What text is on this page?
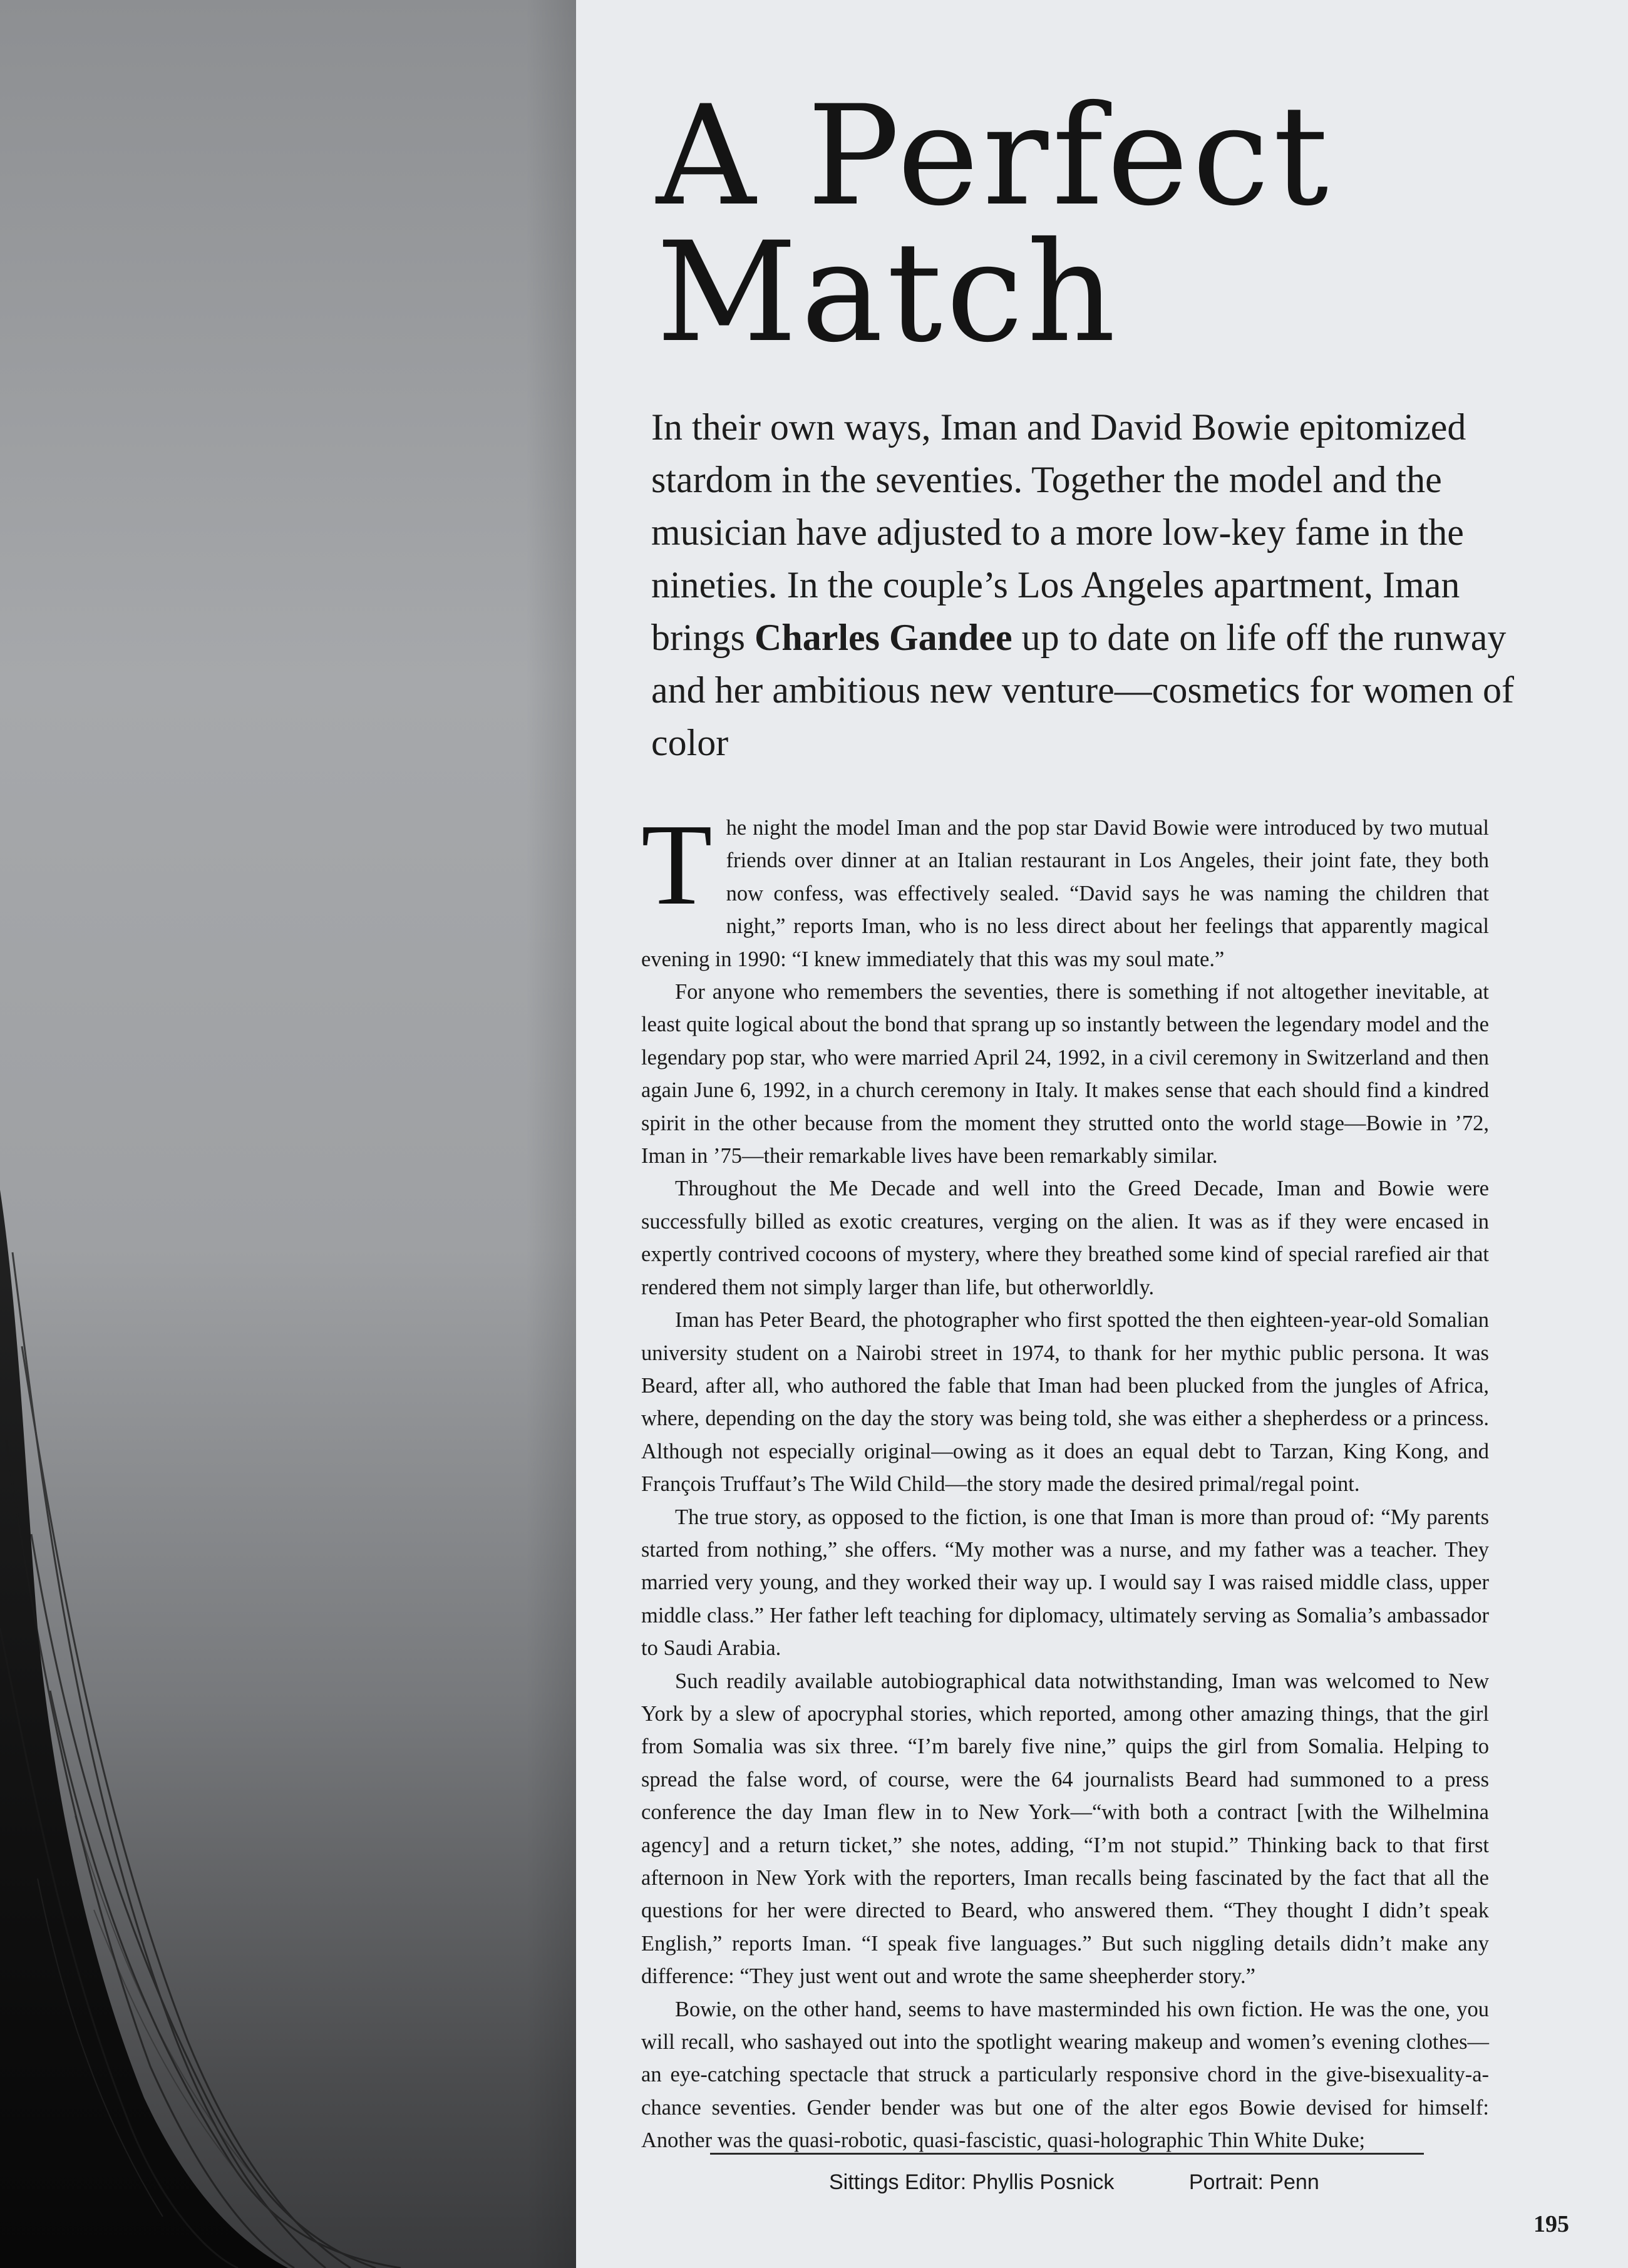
A Perfect
Match

In their own ways, Iman and David Bowie epitomized stardom in the seventies. Together the model and the musician have adjusted to a more low-key fame in the nineties. In the couple’s Los Angeles apartment, Iman brings Charles Gandee up to date on life off the runway and her ambitious new venture—cosmetics for women of color

The night the model Iman and the pop star David Bowie were introduced by two mutual friends over dinner at an Italian restaurant in Los Angeles, their joint fate, they both now confess, was effectively sealed. “David says he was naming the children that night,” reports Iman, who is no less direct about her feelings that apparently magical evening in 1990: “I knew immediately that this was my soul mate.”

For anyone who remembers the seventies, there is something if not altogether inevitable, at least quite logical about the bond that sprang up so instantly between the legendary model and the legendary pop star, who were married April 24, 1992, in a civil ceremony in Switzerland and then again June 6, 1992, in a church ceremony in Italy. It makes sense that each should find a kindred spirit in the other because from the moment they strutted onto the world stage—Bowie in ’72, Iman in ’75—their remarkable lives have been remarkably similar.

Throughout the Me Decade and well into the Greed Decade, Iman and Bowie were successfully billed as exotic creatures, verging on the alien. It was as if they were encased in expertly contrived cocoons of mystery, where they breathed some kind of special rarefied air that rendered them not simply larger than life, but otherworldly.

Iman has Peter Beard, the photographer who first spotted the then eighteen-year-old Somalian university student on a Nairobi street in 1974, to thank for her mythic public persona. It was Beard, after all, who authored the fable that Iman had been plucked from the jungles of Africa, where, depending on the day the story was being told, she was either a shepherdess or a princess. Although not especially original—owing as it does an equal debt to Tarzan, King Kong, and François Truffaut’s The Wild Child—the story made the desired primal/regal point.

The true story, as opposed to the fiction, is one that Iman is more than proud of: “My parents started from nothing,” she offers. “My mother was a nurse, and my father was a teacher. They married very young, and they worked their way up. I would say I was raised middle class, upper middle class.” Her father left teaching for diplomacy, ultimately serving as Somalia’s ambassador to Saudi Arabia.

Such readily available autobiographical data notwithstanding, Iman was welcomed to New York by a slew of apocryphal stories, which reported, among other amazing things, that the girl from Somalia was six three. “I’m barely five nine,” quips the girl from Somalia. Helping to spread the false word, of course, were the 64 journalists Beard had summoned to a press conference the day Iman flew in to New York—“with both a contract [with the Wilhelmina agency] and a return ticket,” she notes, adding, “I’m not stupid.” Thinking back to that first afternoon in New York with the reporters, Iman recalls being fascinated by the fact that all the questions for her were directed to Beard, who answered them. “They thought I didn’t speak English,” reports Iman. “I speak five languages.” But such niggling details didn’t make any difference: “They just went out and wrote the same sheepherder story.”

Bowie, on the other hand, seems to have masterminded his own fiction. He was the one, you will recall, who sashayed out into the spotlight wearing makeup and women’s evening clothes—an eye-catching spectacle that struck a particularly responsive chord in the give-bisexuality-a-chance seventies. Gender bender was but one of the alter egos Bowie devised for himself: Another was the quasi-robotic, quasi-fascistic, quasi-holographic Thin White Duke;

Sittings Editor: Phyllis Posnick	Portrait: Penn
195
